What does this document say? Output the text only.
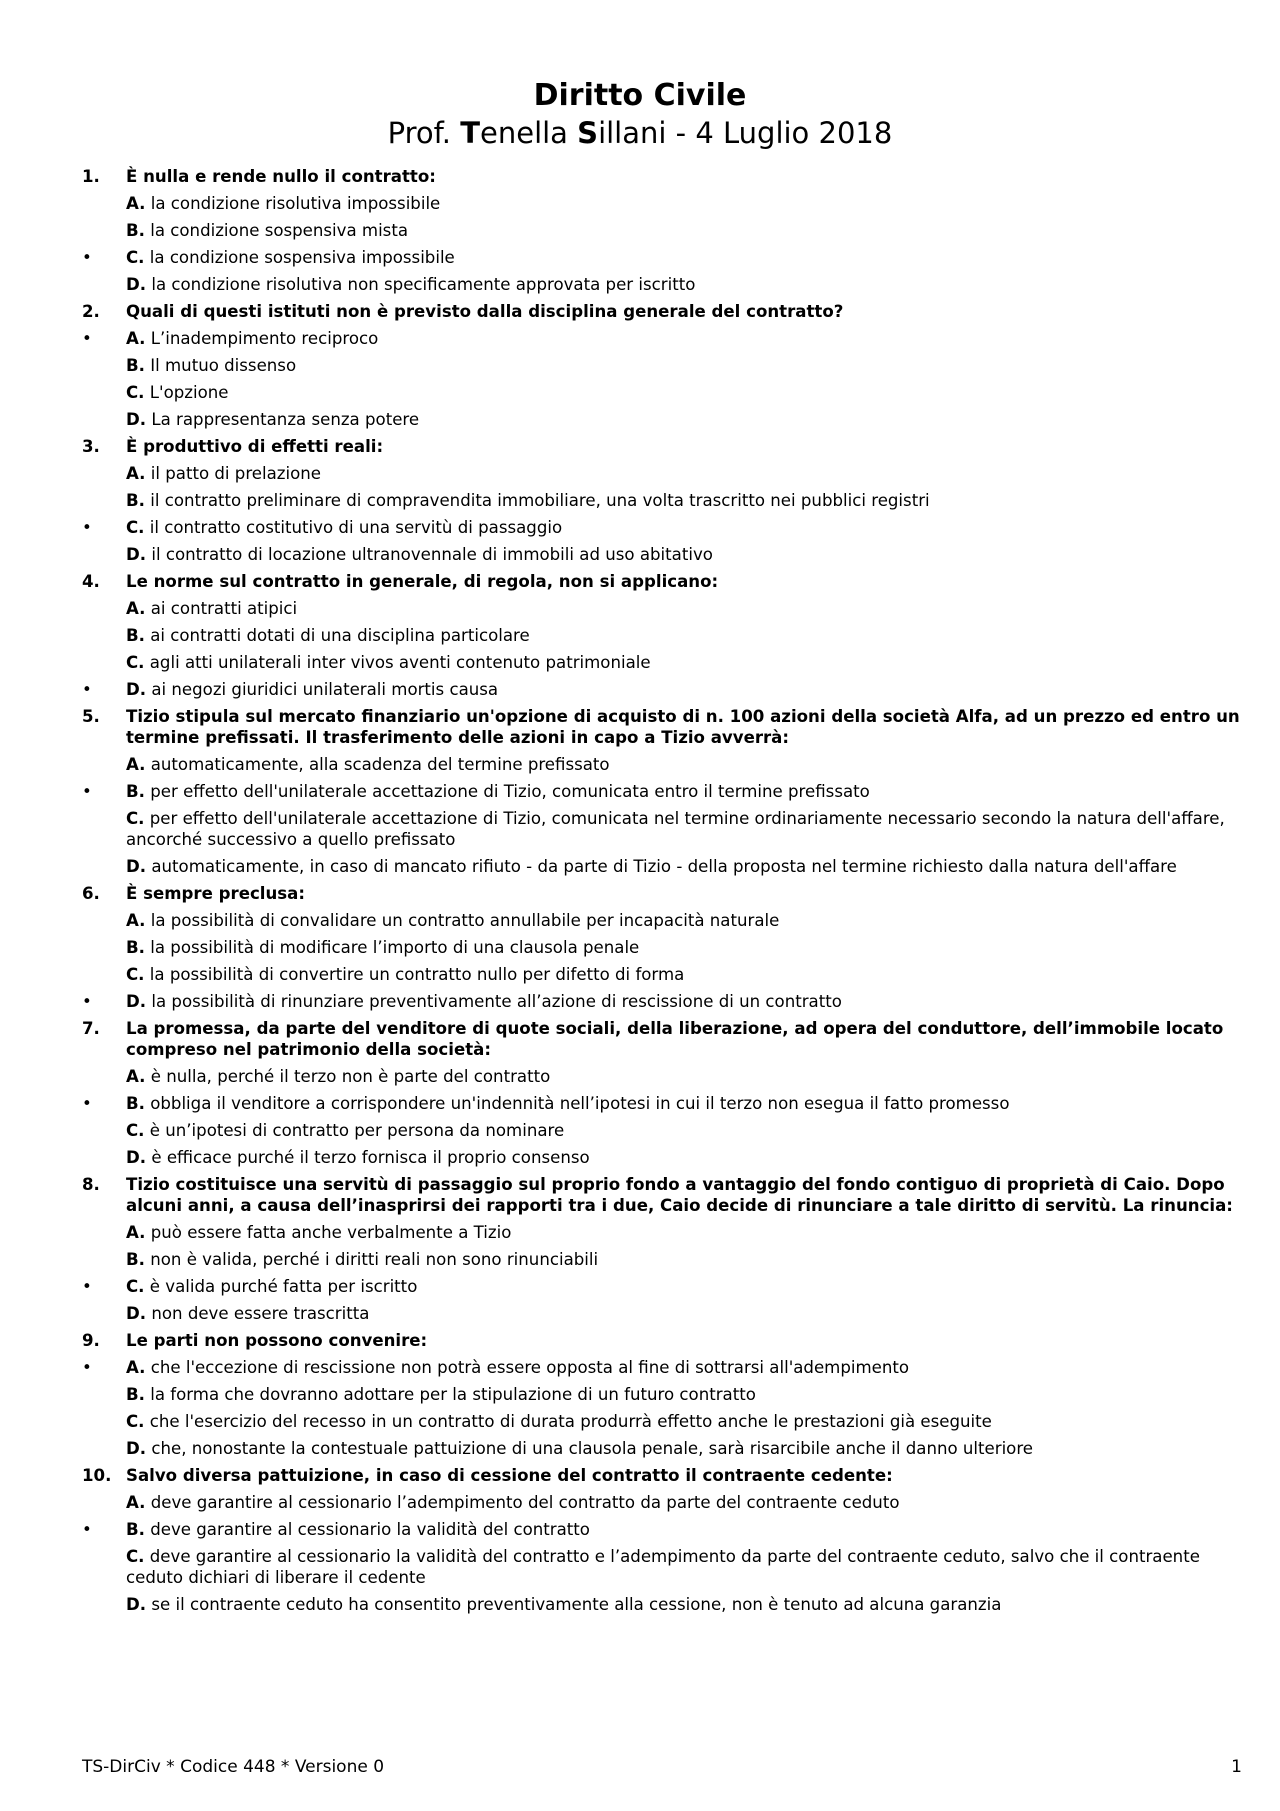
Diritto Civile
Prof. Tenella Sillani - 4 Luglio 2018
1. È nulla e rende nullo il contratto:
A. la condizione risolutiva impossibile
B. la condizione sospensiva mista
• C. la condizione sospensiva impossibile
D. la condizione risolutiva non specificamente approvata per iscritto
2. Quali di questi istituti non è previsto dalla disciplina generale del contratto?
• A. L’inadempimento reciproco
B. Il mutuo dissenso
C. L'opzione
D. La rappresentanza senza potere
3. È produttivo di effetti reali:
A. il patto di prelazione
B. il contratto preliminare di compravendita immobiliare, una volta trascritto nei pubblici registri
• C. il contratto costitutivo di una servitù di passaggio
D. il contratto di locazione ultranovennale di immobili ad uso abitativo
4. Le norme sul contratto in generale, di regola, non si applicano:
A. ai contratti atipici
B. ai contratti dotati di una disciplina particolare
C. agli atti unilaterali inter vivos aventi contenuto patrimoniale
• D. ai negozi giuridici unilaterali mortis causa
5. Tizio stipula sul mercato finanziario un'opzione di acquisto di n. 100 azioni della società Alfa, ad un prezzo ed entro un termine prefissati. Il trasferimento delle azioni in capo a Tizio avverrà:
A. automaticamente, alla scadenza del termine prefissato
• B. per effetto dell'unilaterale accettazione di Tizio, comunicata entro il termine prefissato
C. per effetto dell'unilaterale accettazione di Tizio, comunicata nel termine ordinariamente necessario secondo la natura dell'affare, ancorché successivo a quello prefissato
D. automaticamente, in caso di mancato rifiuto - da parte di Tizio - della proposta nel termine richiesto dalla natura dell'affare
6. È sempre preclusa:
A. la possibilità di convalidare un contratto annullabile per incapacità naturale
B. la possibilità di modificare l’importo di una clausola penale
C. la possibilità di convertire un contratto nullo per difetto di forma
• D. la possibilità di rinunziare preventivamente all’azione di rescissione di un contratto
7. La promessa, da parte del venditore di quote sociali, della liberazione, ad opera del conduttore, dell’immobile locato compreso nel patrimonio della società:
A. è nulla, perché il terzo non è parte del contratto
• B. obbliga il venditore a corrispondere un'indennità nell’ipotesi in cui il terzo non esegua il fatto promesso
C. è un’ipotesi di contratto per persona da nominare
D. è efficace purché il terzo fornisca il proprio consenso
8. Tizio costituisce una servitù di passaggio sul proprio fondo a vantaggio del fondo contiguo di proprietà di Caio. Dopo alcuni anni, a causa dell’inasprirsi dei rapporti tra i due, Caio decide di rinunciare a tale diritto di servitù. La rinuncia:
A. può essere fatta anche verbalmente a Tizio
B. non è valida, perché i diritti reali non sono rinunciabili
• C. è valida purché fatta per iscritto
D. non deve essere trascritta
9. Le parti non possono convenire:
• A. che l'eccezione di rescissione non potrà essere opposta al fine di sottrarsi all'adempimento
B. la forma che dovranno adottare per la stipulazione di un futuro contratto
C. che l'esercizio del recesso in un contratto di durata produrrà effetto anche le prestazioni già eseguite
D. che, nonostante la contestuale pattuizione di una clausola penale, sarà risarcibile anche il danno ulteriore
10. Salvo diversa pattuizione, in caso di cessione del contratto il contraente cedente:
A. deve garantire al cessionario l’adempimento del contratto da parte del contraente ceduto
• B. deve garantire al cessionario la validità del contratto
C. deve garantire al cessionario la validità del contratto e l’adempimento da parte del contraente ceduto, salvo che il contraente ceduto dichiari di liberare il cedente
D. se il contraente ceduto ha consentito preventivamente alla cessione, non è tenuto ad alcuna garanzia
TS-DirCiv * Codice 448 * Versione 0	1
